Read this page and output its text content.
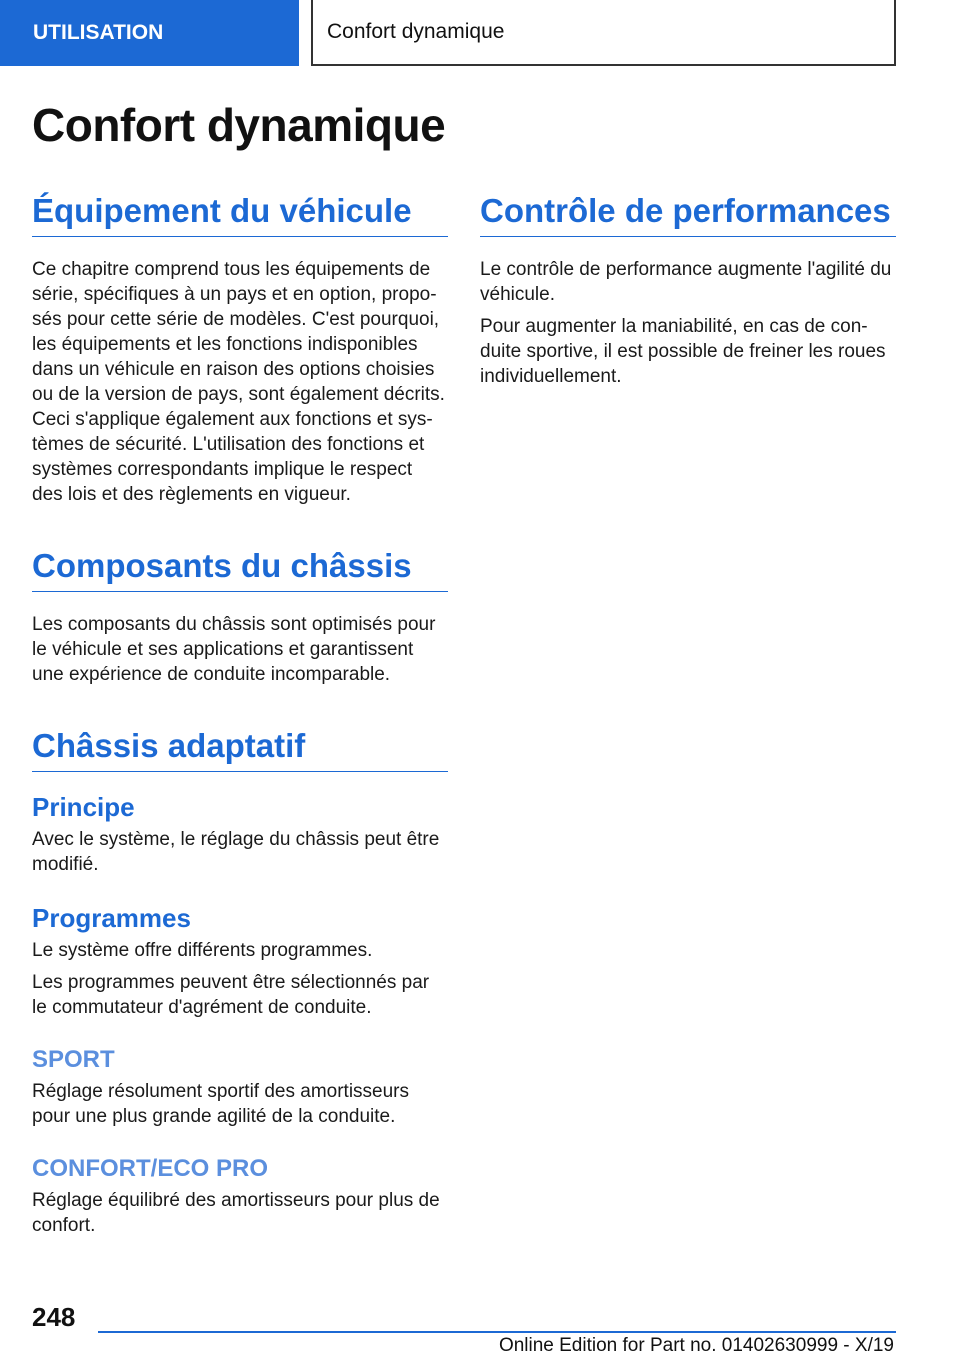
UTILISATION	Confort dynamique
Confort dynamique
Équipement du véhicule

Ce chapitre comprend tous les équipements de série, spécifiques à un pays et en option, propo- sés pour cette série de modèles. C'est pourquoi, les équipements et les fonctions indisponibles dans un véhicule en raison des options choisies ou de la version de pays, sont également décrits. Ceci s'applique également aux fonctions et sys- tèmes de sécurité. L'utilisation des fonctions et systèmes correspondants implique le respect des lois et des règlements en vigueur.

Composants du châssis

Les composants du châssis sont optimisés pour le véhicule et ses applications et garantissent une expérience de conduite incomparable.

Châssis adaptatif
Principe

Avec le système, le réglage du châssis peut être modifié.

Programmes

Le système offre différents programmes.

Les programmes peuvent être sélectionnés par le commutateur d'agrément de conduite.

SPORT

Réglage résolument sportif des amortisseurs pour une plus grande agilité de la conduite.

CONFORT/ECO PRO

Réglage équilibré des amortisseurs pour plus de confort.

Contrôle de performances

Le contrôle de performance augmente l'agilité du véhicule.

Pour augmenter la maniabilité, en cas de con- duite sportive, il est possible de freiner les roues individuellement.

248
Online Edition for Part no. 01402630999 - X/19
